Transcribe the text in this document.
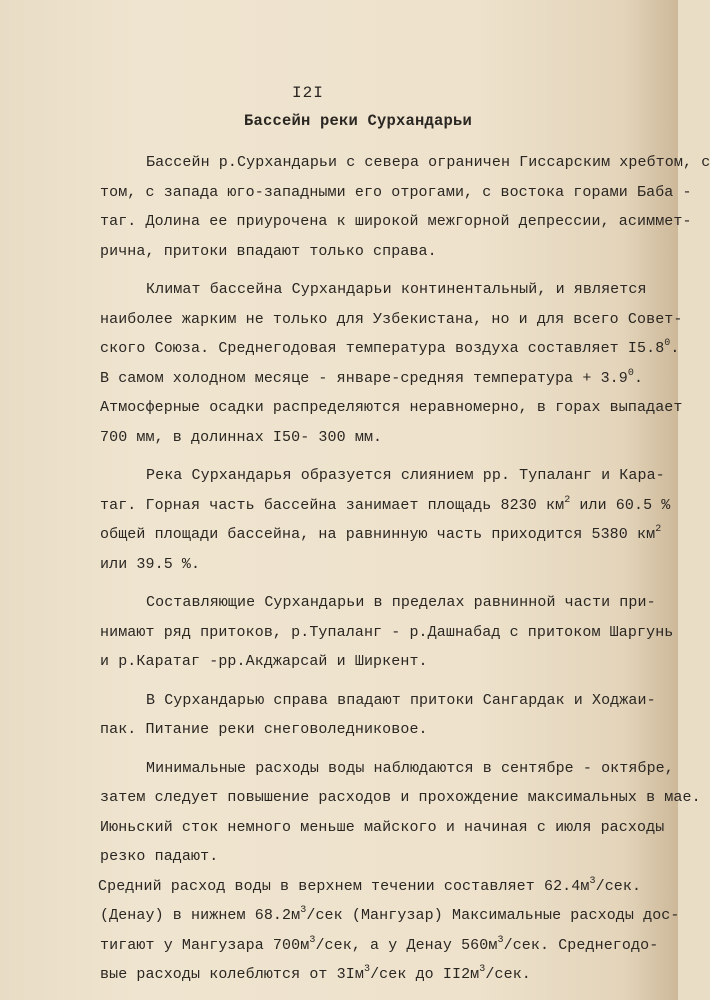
I2I
Бассейн реки Сурхандарьи
Бассейн р.Сурхандарьи с севера ограничен Гиссарским хребтом, с
том, с запада юго-западными его отрогами, с востока горами Баба -
таг. Долина ее приурочена к широкой межгорной депрессии, асиммет-
рична, притоки впадают только справа.
Климат бассейна Сурхандарьи континентальный, и является
наиболее жарким не только для Узбекистана, но и для всего Совет-
ского Союза. Среднегодовая температура воздуха составляет $I5.8^0$.
В самом холодном месяце - январе-средняя температура + $3.9^0$.
Атмосферные осадки распределяются неравномерно, в горах выпадает
700 мм, в долиннах I50- 300 мм.
Река Сурхандарья образуется слиянием рр. Тупаланг и Кара-
таг. Горная часть бассейна занимает площадь 8230 $км^2$ или 60.5 %
общей площади бассейна, на равнинную часть приходится 5380 $км^2$
или 39.5 %.
Составляющие Сурхандарьи в пределах равнинной части при-
нимают ряд притоков, р.Тупаланг - р.Дашнабад с притоком Шаргунь
и р.Каратаг -рр.Акджарсай и Ширкент.
В Сурхандарью справа впадают притоки Сангардак и Ходжаи-
пак. Питание реки снеговоледниковое.
Минимальные расходы воды наблюдаются в сентябре - октябре,
затем следует повышение расходов и прохождение максимальных в мае.
Июньский сток немного меньше майского и начиная с июля расходы
резко падают.
Средний расход воды в верхнем течении составляет $62.4м^3$/сек.
(Денау) в нижнем $68.2м^3$/сек (Мангузар) Максимальные расходы дос-
тигают у Мангузара $700м^3$/сек, а у Денау $560м^3$/сек. Среднегодо-
вые расходы колеблются от $3Iм^3$/сек до $II2м^3$/сек.
